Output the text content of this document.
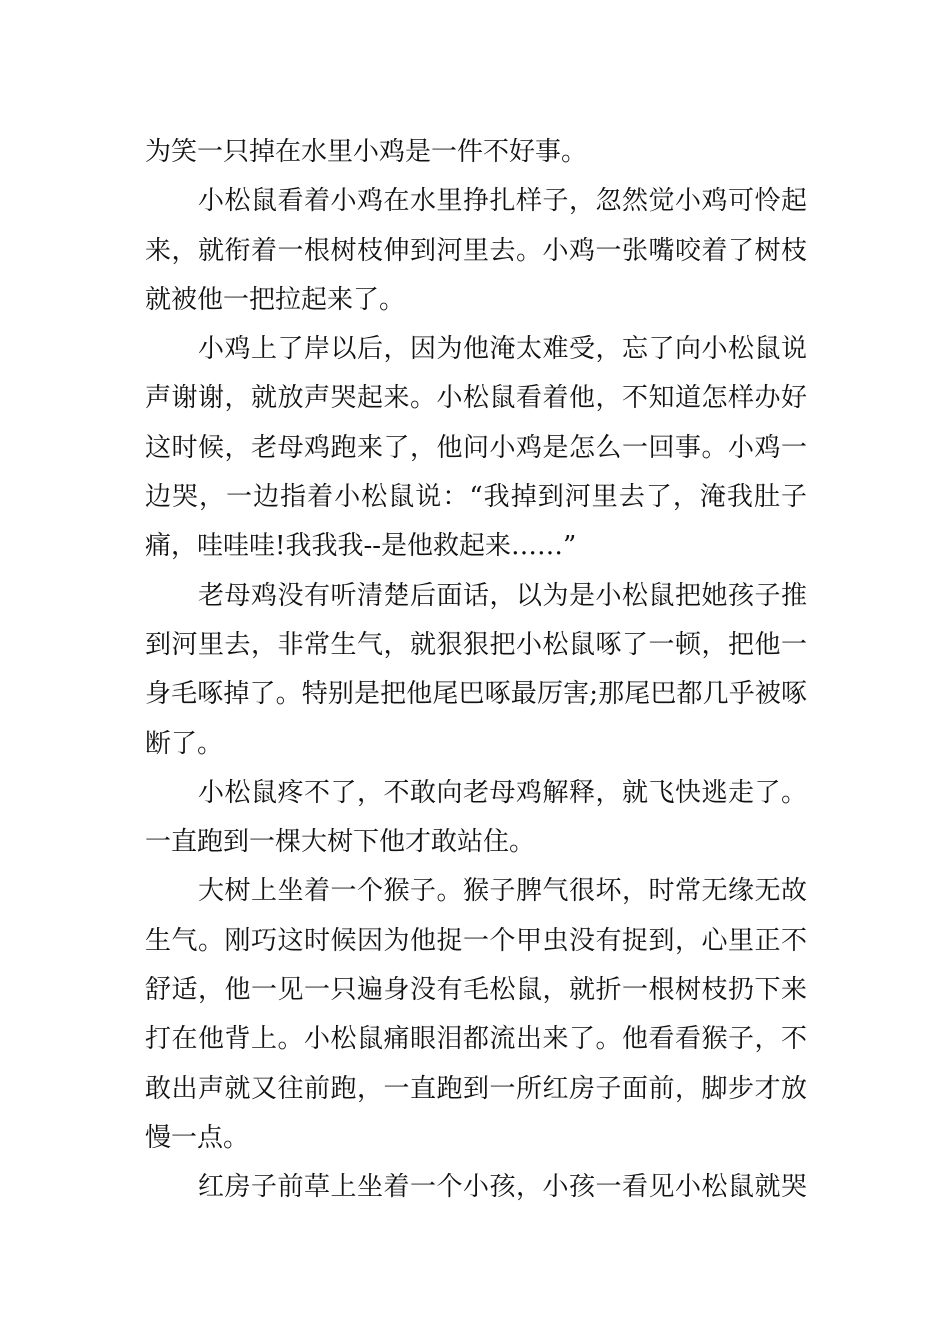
为笑一只掉在水里小鸡是一件不好事。
小松鼠看着小鸡在水里挣扎样子，忽然觉小鸡可怜起
来，就衔着一根树枝伸到河里去。小鸡一张嘴咬着了树枝
就被他一把拉起来了。
小鸡上了岸以后，因为他淹太难受，忘了向小松鼠说
声谢谢，就放声哭起来。小松鼠看着他，不知道怎样办好
这时候，老母鸡跑来了，他问小鸡是怎么一回事。小鸡一
边哭，一边指着小松鼠说：“我掉到河里去了，淹我肚子
痛，哇哇哇!我我我--是他救起来……”
老母鸡没有听清楚后面话，以为是小松鼠把她孩子推
到河里去，非常生气，就狠狠把小松鼠啄了一顿，把他一
身毛啄掉了。特别是把他尾巴啄最厉害;那尾巴都几乎被啄
断了。
小松鼠疼不了，不敢向老母鸡解释，就飞快逃走了。
一直跑到一棵大树下他才敢站住。
大树上坐着一个猴子。猴子脾气很坏，时常无缘无故
生气。刚巧这时候因为他捉一个甲虫没有捉到，心里正不
舒适，他一见一只遍身没有毛松鼠，就折一根树枝扔下来
打在他背上。小松鼠痛眼泪都流出来了。他看看猴子，不
敢出声就又往前跑，一直跑到一所红房子面前，脚步才放
慢一点。
红房子前草上坐着一个小孩，小孩一看见小松鼠就哭
